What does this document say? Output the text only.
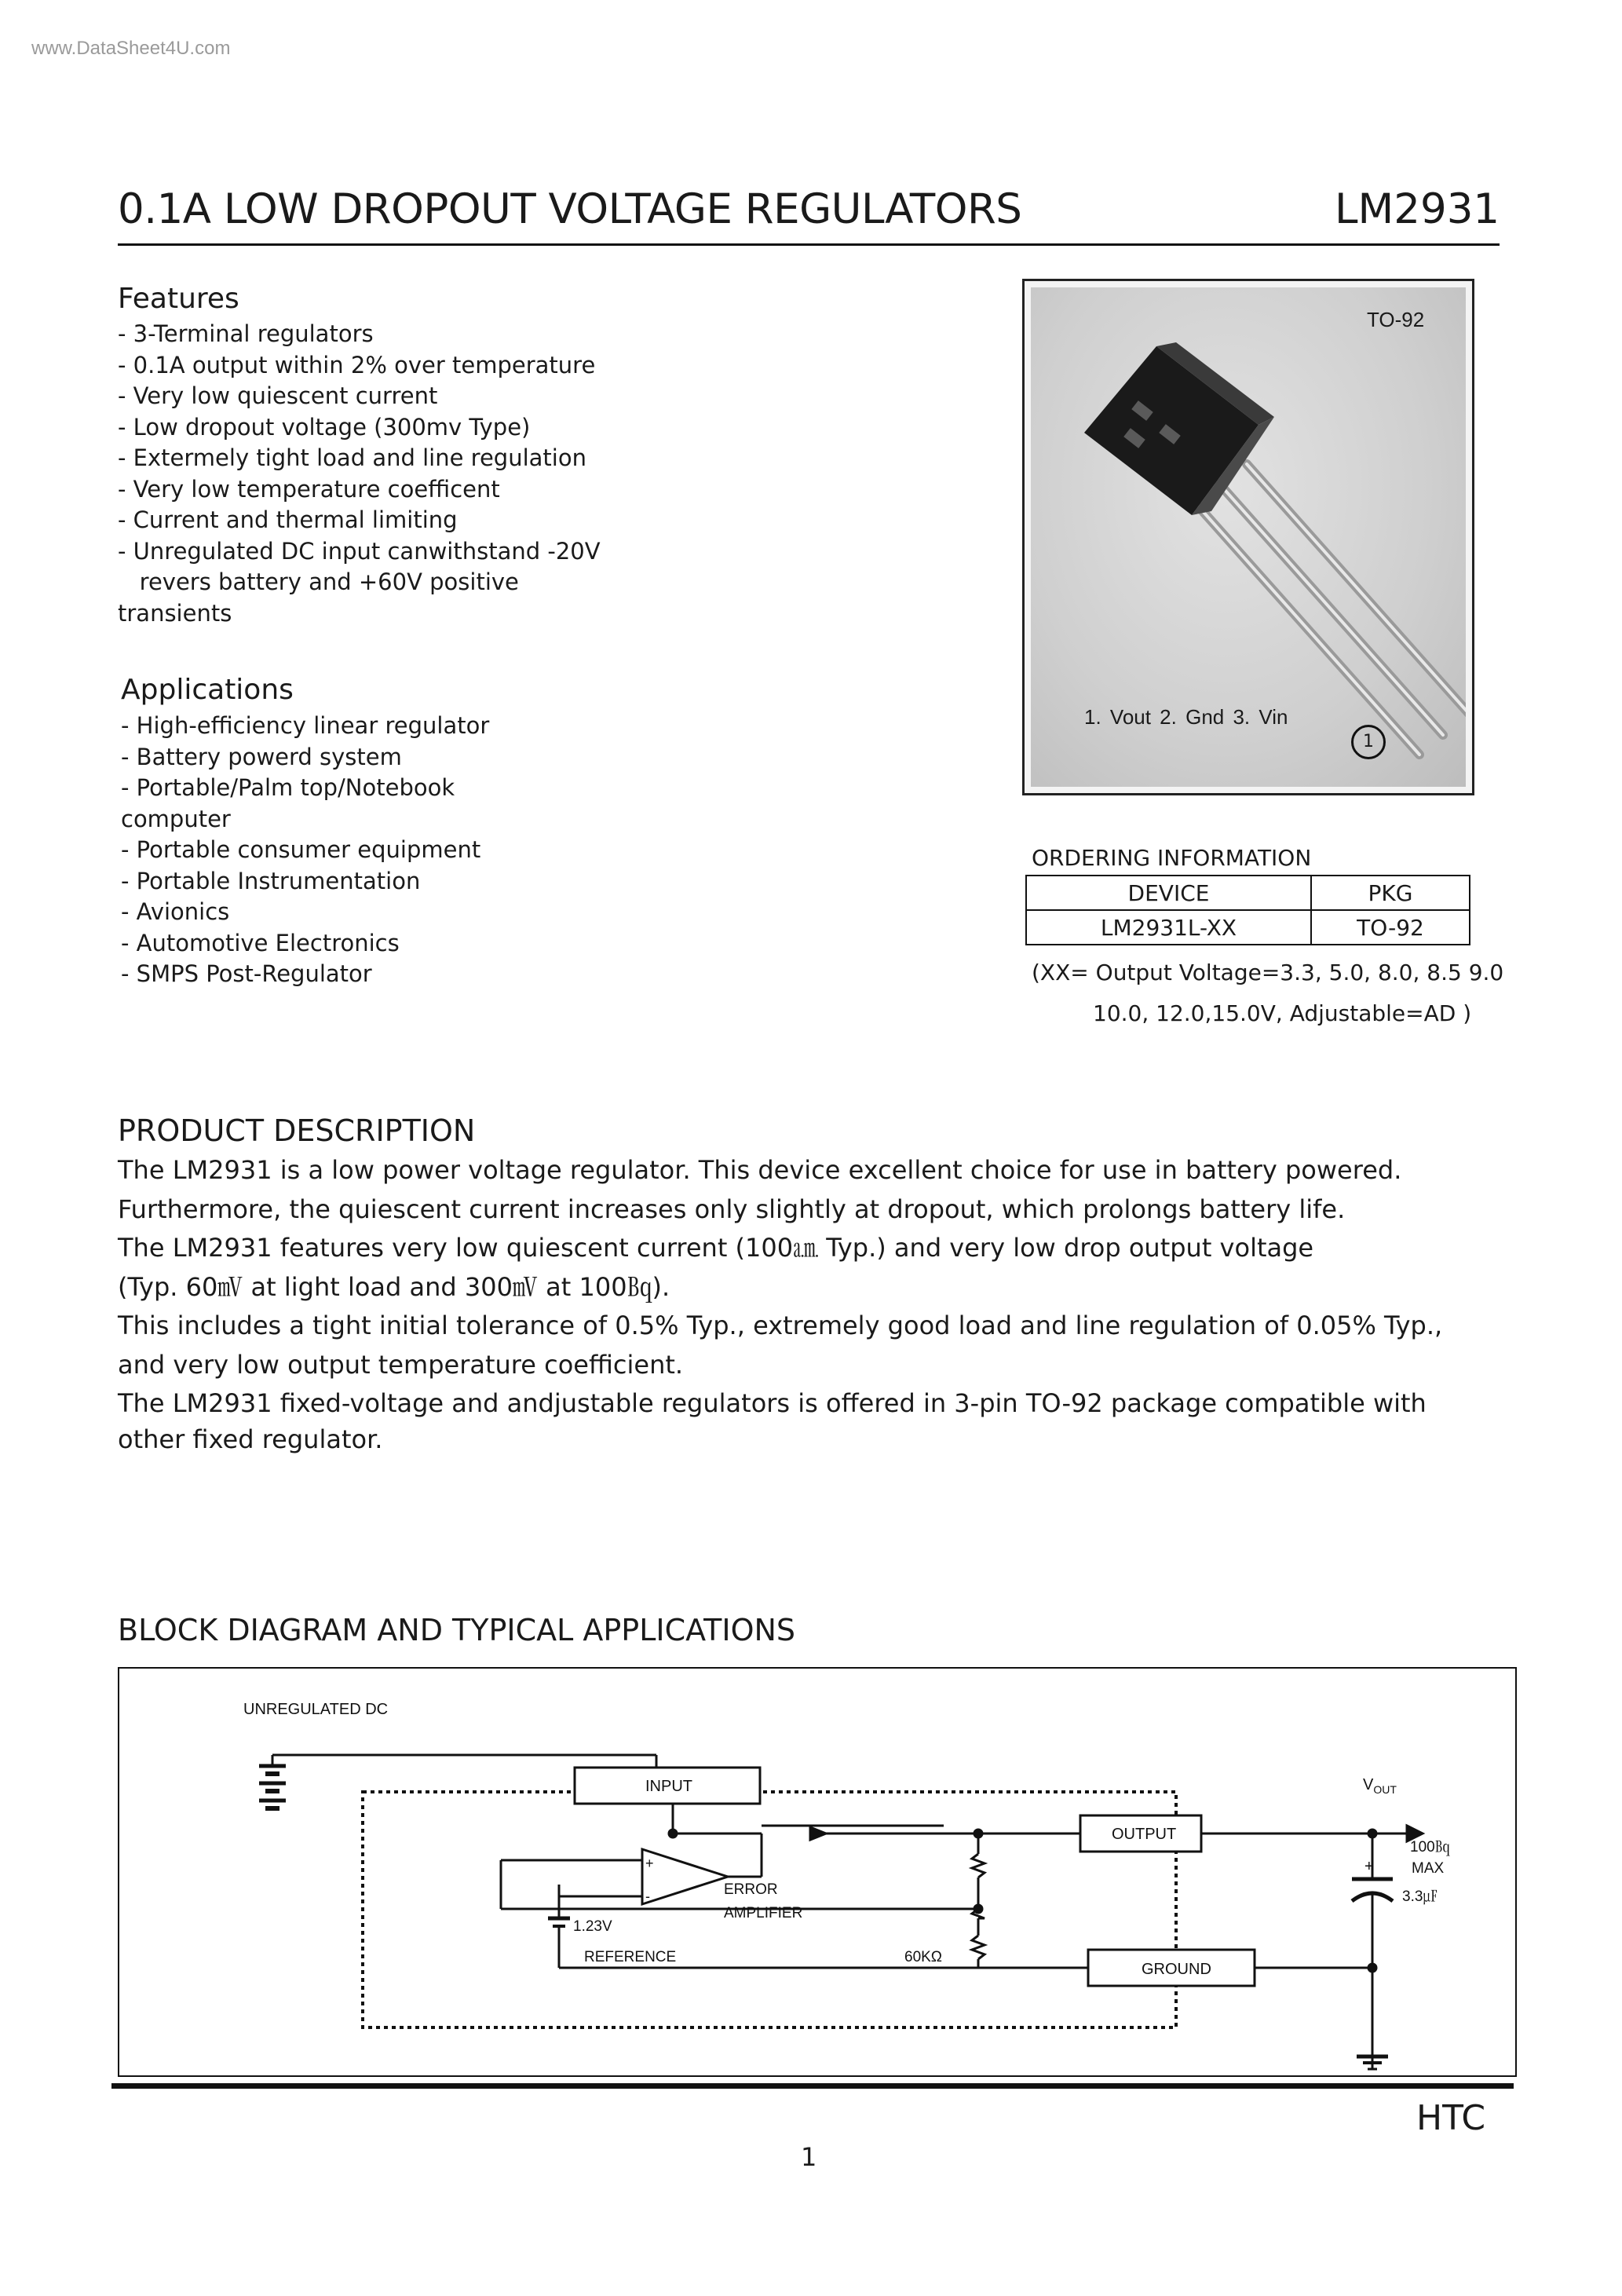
www.DataSheet4U.com
0.1A LOW DROPOUT VOLTAGE REGULATORS	LM2931
Features
- 3-Terminal regulators
- 0.1A output within 2% over temperature
- Very low quiescent current
- Low dropout voltage (300mv Type)
- Extermely tight load and line regulation
- Very low temperature coefficent
- Current and thermal limiting
- Unregulated DC input canwithstand -20V
revers battery and +60V positive
transients
Applications
- High-efficiency linear regulator
- Battery powerd system
- Portable/Palm top/Notebook
computer
- Portable consumer equipment
- Portable Instrumentation
- Avionics
- Automotive Electronics
- SMPS Post-Regulator
TO-92
1. Vout 2. Gnd 3. Vin
1
ORDERING INFORMATION
DEVICE	PKG
LM2931L-XX	TO-92
(XX= Output Voltage=3.3, 5.0, 8.0, 8.5 9.0
10.0, 12.0,15.0V, Adjustable=AD )
PRODUCT DESCRIPTION

The LM2931 is a low power voltage regulator. This device excellent choice for use in battery powered.

Furthermore, the quiescent current increases only slightly at dropout, which prolongs battery life.

The LM2931 features very low quiescent current (100㏂ Typ.) and very low drop output voltage

(Typ. 60㎷ at light load and 300㎷ at 100㏃).

This includes a tight initial tolerance of 0.5% Typ., extremely good load and line regulation of 0.05% Typ.,

and very low output temperature coefficient.

The LM2931 fixed-voltage and andjustable regulators is offered in 3-pin TO-92 package compatible with

other fixed regulator.

BLOCK DIAGRAM AND TYPICAL APPLICATIONS
UNREGULATED DC
INPUT
OUTPUT
GROUND
$V_{OUT}$
100㏃
MAX
+
3.3㎌
ERROR
AMPLIFIER
+
-
1.23V
REFERENCE	60KΩ
HTC
1
